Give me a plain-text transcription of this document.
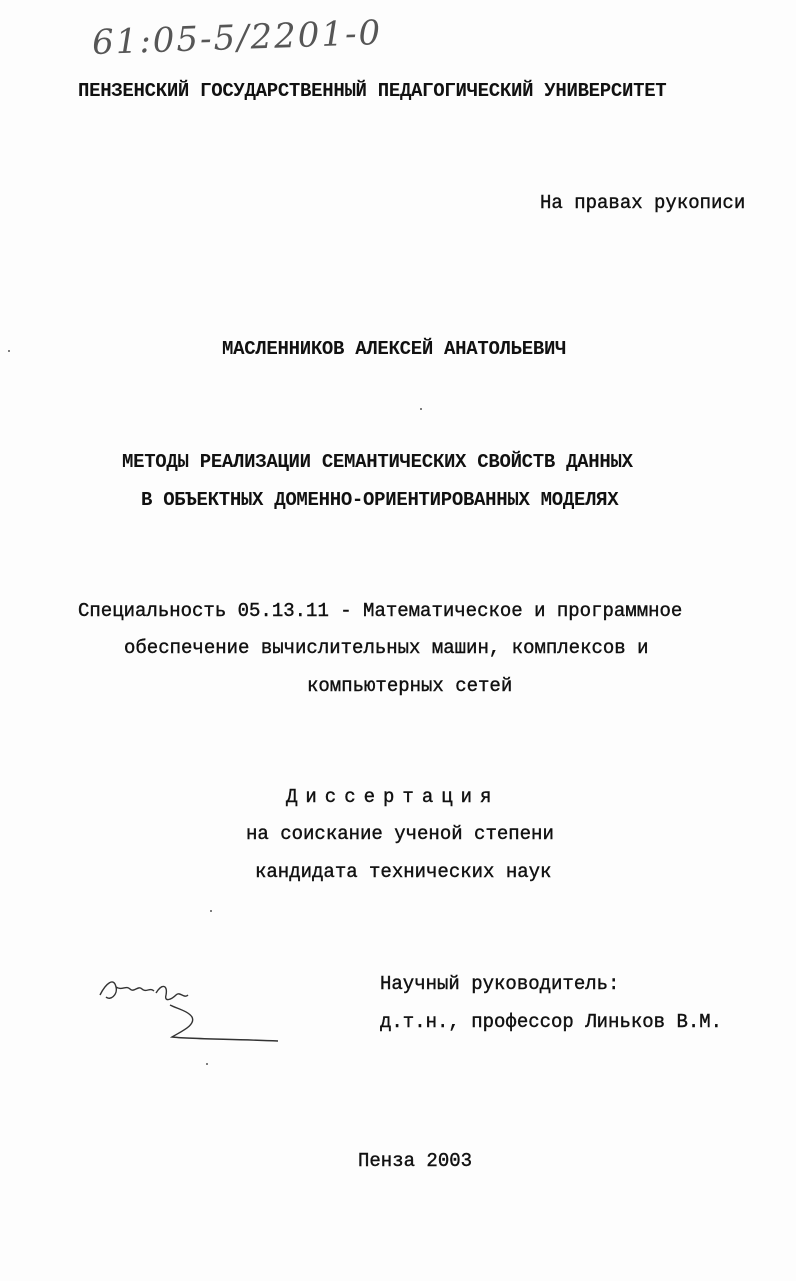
61:05-5/2201-0
ПЕНЗЕНСКИЙ ГОСУДАРСТВЕННЫЙ ПЕДАГОГИЧЕСКИЙ УНИВЕРСИТЕТ
На правах рукописи
МАСЛЕННИКОВ АЛЕКСЕЙ АНАТОЛЬЕВИЧ
МЕТОДЫ РЕАЛИЗАЦИИ СЕМАНТИЧЕСКИХ СВОЙСТВ ДАННЫХ
В ОБЪЕКТНЫХ ДОМЕННО-ОРИЕНТИРОВАННЫХ МОДЕЛЯХ
Специальность 05.13.11 - Математическое и программное
обеспечение вычислительных машин, комплексов и
компьютерных сетей
Диссертация
на соискание ученой степени
кандидата технических наук
Научный руководитель:
д.т.н., профессор Линьков В.М.
Пенза 2003
